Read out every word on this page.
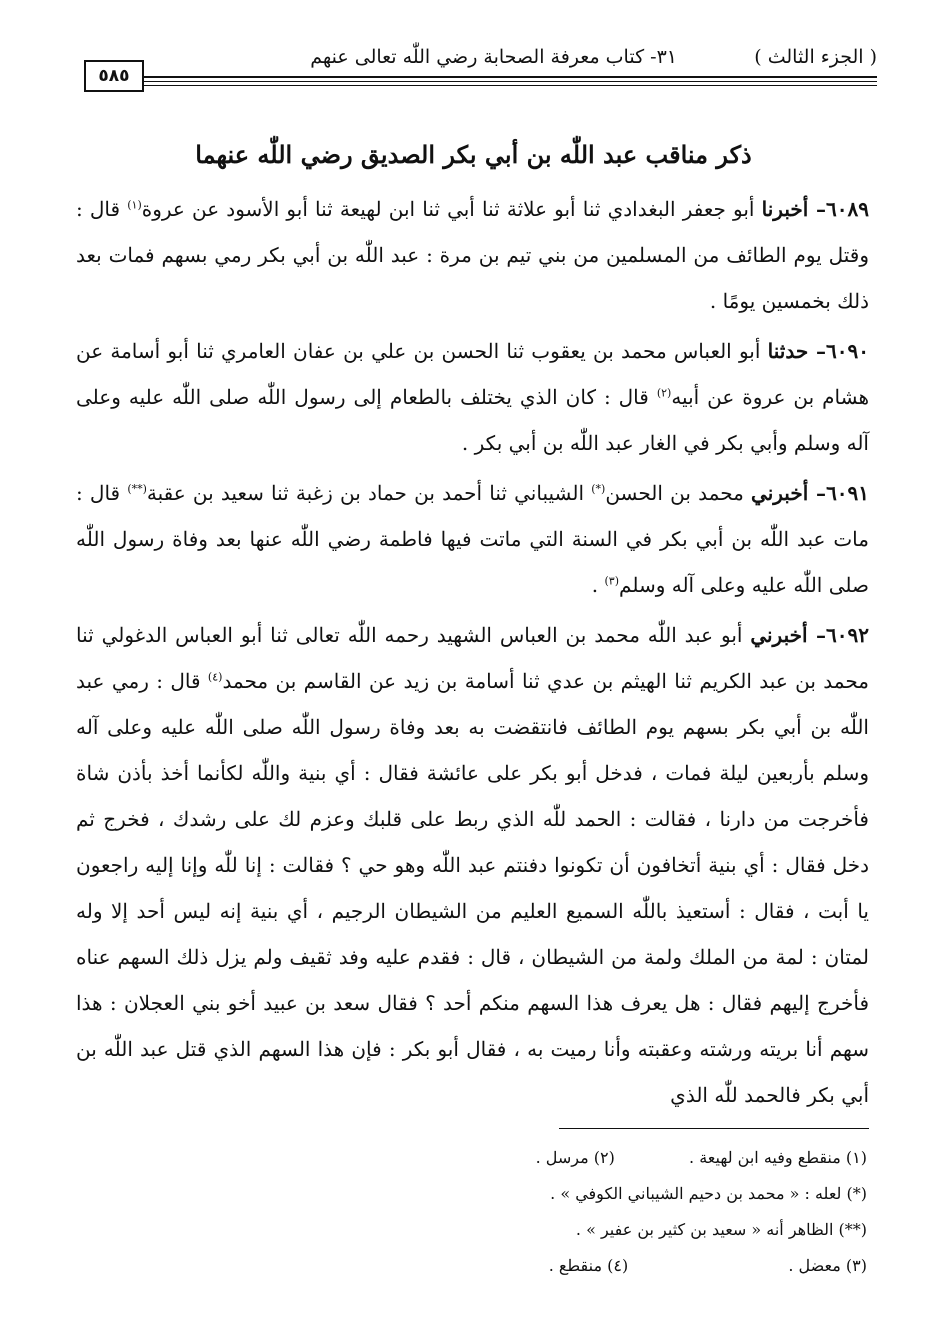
( الجزء الثالث )
٣١- كتاب معرفة الصحابة رضي اللّٰه تعالى عنهم
٥٨٥
ذكر مناقب عبد اللّٰه بن أبي بكر الصديق رضي اللّٰه عنهما

٦٠٨٩– أخبرنا أبو جعفر البغدادي ثنا أبو علاثة ثنا أبي ثنا ابن لهيعة ثنا أبو الأسود عن عروة$^{(١)}$ قال : وقتل يوم الطائف من المسلمين من بني تيم بن مرة : عبد اللّٰه بن أبي بكر رمي بسهم فمات بعد ذلك بخمسين يومًا .

٦٠٩٠– حدثنا أبو العباس محمد بن يعقوب ثنا الحسن بن علي بن عفان العامري ثنا أبو أسامة عن هشام بن عروة عن أبيه$^{(٢)}$ قال : كان الذي يختلف بالطعام إلى رسول اللّٰه صلى اللّٰه عليه وعلى آله وسلم وأبي بكر في الغار عبد اللّٰه بن أبي بكر .

٦٠٩١– أخبرني محمد بن الحسن(*) الشيباني ثنا أحمد بن حماد بن زغبة ثنا سعيد بن عقبة(**) قال : مات عبد اللّٰه بن أبي بكر في السنة التي ماتت فيها فاطمة رضي اللّٰه عنها بعد وفاة رسول اللّٰه صلى اللّٰه عليه وعلى آله وسلم$^{(٣)}$ .

٦٠٩٢– أخبرني أبو عبد اللّٰه محمد بن العباس الشهيد رحمه اللّٰه تعالى ثنا أبو العباس الدغولي ثنا محمد بن عبد الكريم ثنا الهيثم بن عدي ثنا أسامة بن زيد عن القاسم بن محمد$^{(٤)}$ قال : رمي عبد اللّٰه بن أبي بكر بسهم يوم الطائف فانتقضت به بعد وفاة رسول اللّٰه صلى اللّٰه عليه وعلى آله وسلم بأربعين ليلة فمات ، فدخل أبو بكر على عائشة فقال : أي بنية واللّٰه لكأنما أخذ بأذن شاة فأخرجت من دارنا ، فقالت : الحمد للّٰه الذي ربط على قلبك وعزم لك على رشدك ، فخرج ثم دخل فقال : أي بنية أتخافون أن تكونوا دفنتم عبد اللّٰه وهو حي ؟ فقالت : إنا للّٰه وإنا إليه راجعون يا أبت ، فقال : أستعيذ باللّٰه السميع العليم من الشيطان الرجيم ، أي بنية إنه ليس أحد إلا وله لمتان : لمة من الملك ولمة من الشيطان ، قال : فقدم عليه وفد ثقيف ولم يزل ذلك السهم عناه فأخرج إليهم فقال : هل يعرف هذا السهم منكم أحد ؟ فقال سعد بن عبيد أخو بني العجلان : هذا سهم أنا بريته ورشته وعقبته وأنا رميت به ، فقال أبو بكر : فإن هذا السهم الذي قتل عبد اللّٰه بن أبي بكر فالحمد للّٰه الذي

(١) منقطع وفيه ابن لهيعة .  (٢) مرسل .
(*) لعله : « محمد بن دحيم الشيباني الكوفي » .
(**) الظاهر أنه « سعيد بن كثير بن عفير » .
(٣) معضل .  (٤) منقطع .
